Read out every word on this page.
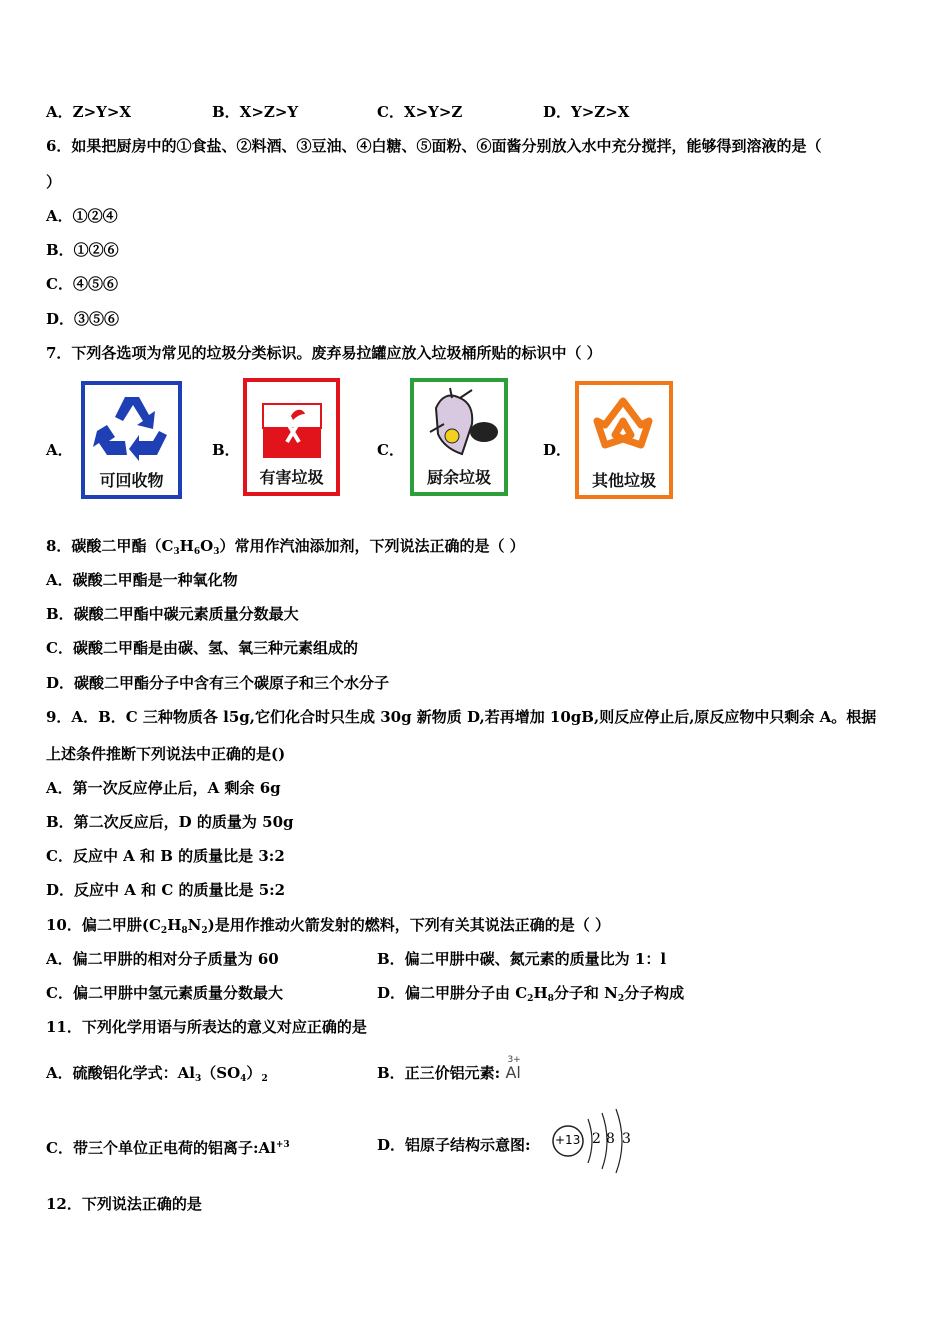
A．Z>Y>X	B．X>Z>Y	C．X>Y>Z	D．Y>Z>X
6．如果把厨房中的①食盐、②料酒、③豆油、④白糖、⑤面粉、⑥面酱分别放入水中充分搅拌，能够得到溶液的是（
）
A．①②④
B．①②⑥
C．④⑤⑥
D．③⑤⑥
7．下列各选项为常见的垃圾分类标识。废弃易拉罐应放入垃圾桶所贴的标识中（ ）
A．
可回收物
B．
有害垃圾
C．
厨余垃圾
D．
其他垃圾
8．碳酸二甲酯$(C_3H_6O_3)$常用作汽油添加剂，下列说法正确的是（ ）
A．碳酸二甲酯是一种氧化物
B．碳酸二甲酯中碳元素质量分数最大
C．碳酸二甲酯是由碳、氢、氧三种元素组成的
D．碳酸二甲酯分子中含有三个碳原子和三个水分子
9．A．B．C 三种物质各 l5g,它们化合时只生成 30g 新物质 D,若再增加 10gB,则反应停止后,原反应物中只剩余 A。根据
上述条件推断下列说法中正确的是()
A．第一次反应停止后，A 剩余 6g
B．第二次反应后，D 的质量为 50g
C．反应中 A 和 B 的质量比是 3:2
D．反应中 A 和 C 的质量比是 5:2
10．偏二甲肼$(C_2H_8N_2)$是用作推动火箭发射的燃料，下列有关其说法正确的是（ ）
A．偏二甲肼的相对分子质量为 60	B．偏二甲肼中碳、氮元素的质量比为 1：l
C．偏二甲肼中氢元素质量分数最大	D．偏二甲肼分子由 $C_2H_8$分子和 $N_2$分子构成
11．下列化学用语与所表达的意义对应正确的是
A．硫酸铝化学式：$Al_3(SO_4)_2$	B．正三价铝元素: Al
3+
C．带三个单位正电荷的铝离子$:Al^{+3}$	D．铝原子结构示意图: +13 2 8 3
12．下列说法正确的是
